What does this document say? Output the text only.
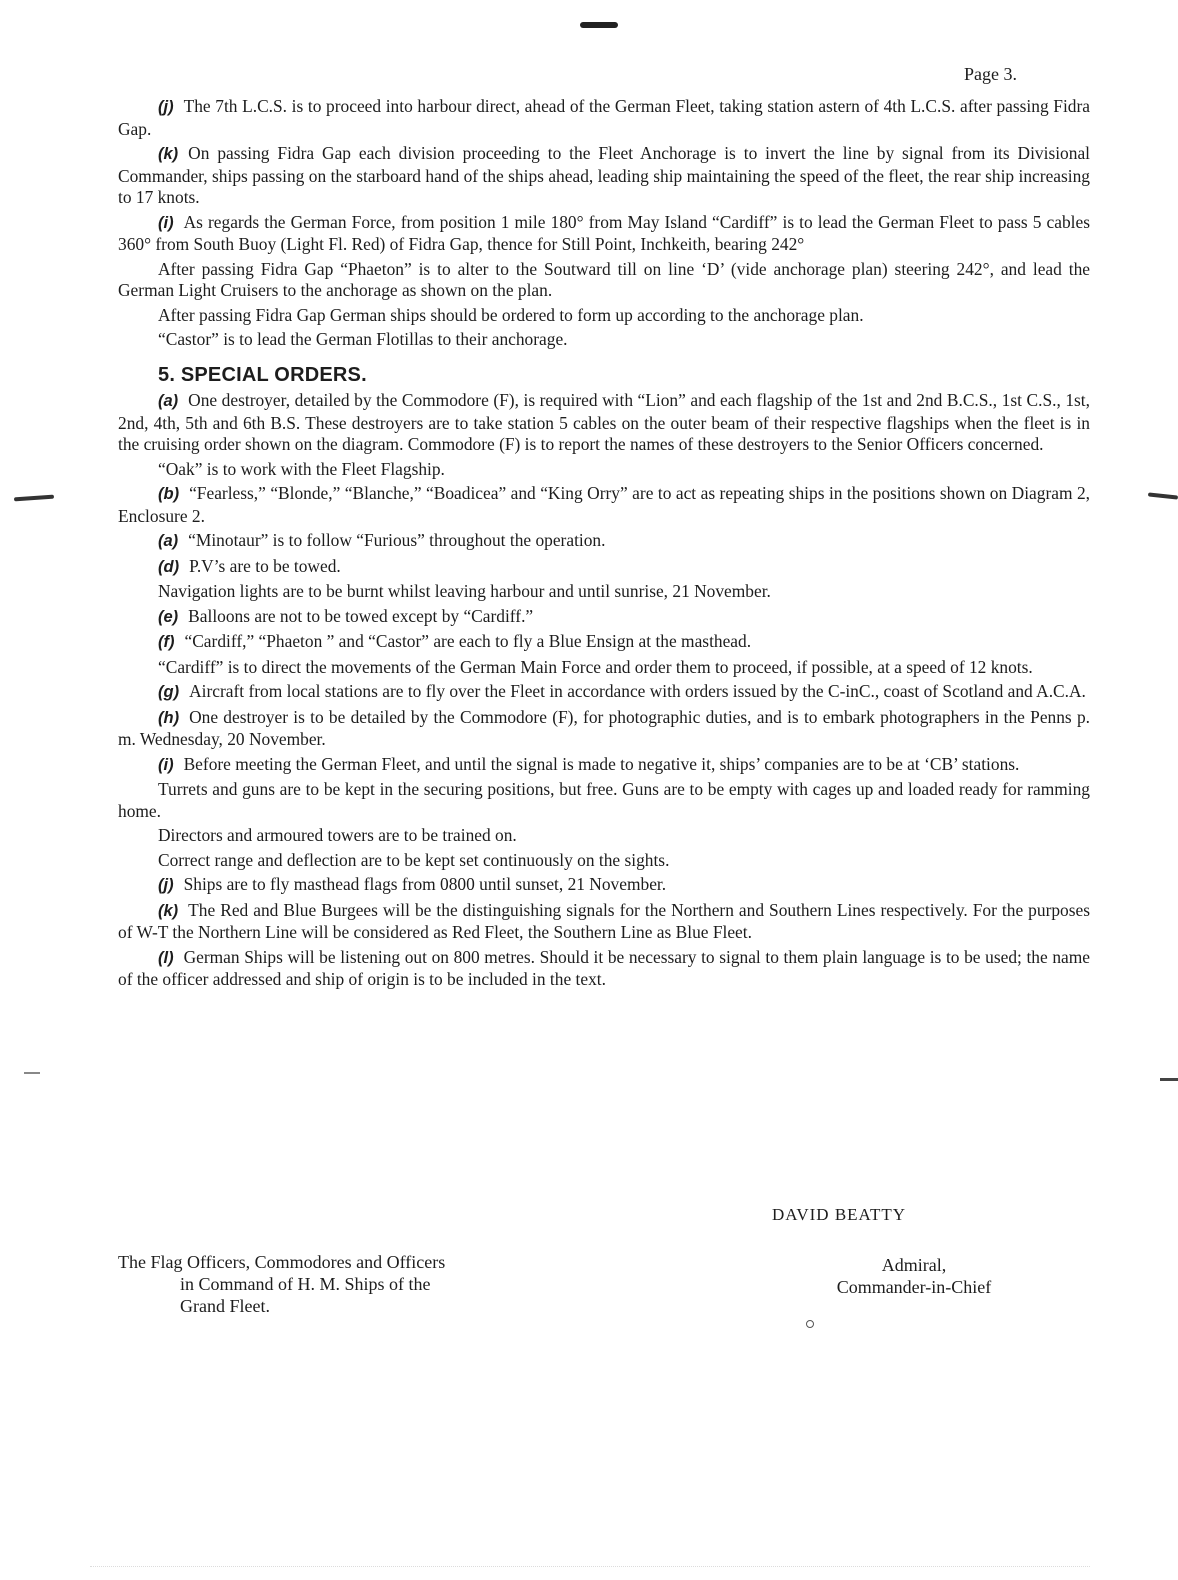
Page 3.

(j) The 7th L.C.S. is to proceed into harbour direct, ahead of the German Fleet, taking station astern of 4th L.C.S. after passing Fidra Gap.

(k) On passing Fidra Gap each division proceeding to the Fleet Anchorage is to invert the line by signal from its Divisional Commander, ships passing on the starboard hand of the ships ahead, leading ship maintaining the speed of the fleet, the rear ship increasing to 17 knots.

(i) As regards the German Force, from position 1 mile 180° from May Island “Cardiff” is to lead the German Fleet to pass 5 cables 360° from South Buoy (Light Fl. Red) of Fidra Gap, thence for Still Point, Inchkeith, bearing 242°

After passing Fidra Gap “Phaeton” is to alter to the Soutward till on line ‘D’ (vide anchorage plan) steering 242°, and lead the German Light Cruisers to the anchorage as shown on the plan.

After passing Fidra Gap German ships should be ordered to form up according to the anchorage plan.

“Castor” is to lead the German Flotillas to their anchorage.

5. SPECIAL ORDERS.

(a) One destroyer, detailed by the Commodore (F), is required with “Lion” and each flagship of the 1st and 2nd B.C.S., 1st C.S., 1st, 2nd, 4th, 5th and 6th B.S. These destroyers are to take station 5 cables on the outer beam of their respective flagships when the fleet is in the cruising order shown on the diagram. Commodore (F) is to report the names of these destroyers to the Senior Officers concerned.

“Oak” is to work with the Fleet Flagship.

(b) “Fearless,” “Blonde,” “Blanche,” “Boadicea” and “King Orry” are to act as repeating ships in the positions shown on Diagram 2, Enclosure 2.

(a) “Minotaur” is to follow “Furious” throughout the operation.

(d) P.V’s are to be towed.

Navigation lights are to be burnt whilst leaving harbour and until sunrise, 21 November.

(e) Balloons are not to be towed except by “Cardiff.”

(f) “Cardiff,” “Phaeton ” and “Castor” are each to fly a Blue Ensign at the masthead.

“Cardiff” is to direct the movements of the German Main Force and order them to proceed, if possible, at a speed of 12 knots.

(g) Aircraft from local stations are to fly over the Fleet in accordance with orders issued by the C-inC., coast of Scotland and A.C.A.

(h) One destroyer is to be detailed by the Commodore (F), for photographic duties, and is to embark photographers in the Penns p. m. Wednesday, 20 November.

(i) Before meeting the German Fleet, and until the signal is made to negative it, ships’ companies are to be at ‘CB’ stations.

Turrets and guns are to be kept in the securing positions, but free. Guns are to be empty with cages up and loaded ready for ramming home.

Directors and armoured towers are to be trained on.

Correct range and deflection are to be kept set continuously on the sights.

(j) Ships are to fly masthead flags from 0800 until sunset, 21 November.

(k) The Red and Blue Burgees will be the distinguishing signals for the Northern and Southern Lines respectively. For the purposes of W-T the Northern Line will be considered as Red Fleet, the Southern Line as Blue Fleet.

(l) German Ships will be listening out on 800 metres. Should it be necessary to signal to them plain language is to be used; the name of the officer addressed and ship of origin is to be included in the text.

DAVID BEATTY
The Flag Officers, Commodores and Officers
in Command of H. M. Ships of the
Grand Fleet.
Admiral,
Commander-in-Chief
